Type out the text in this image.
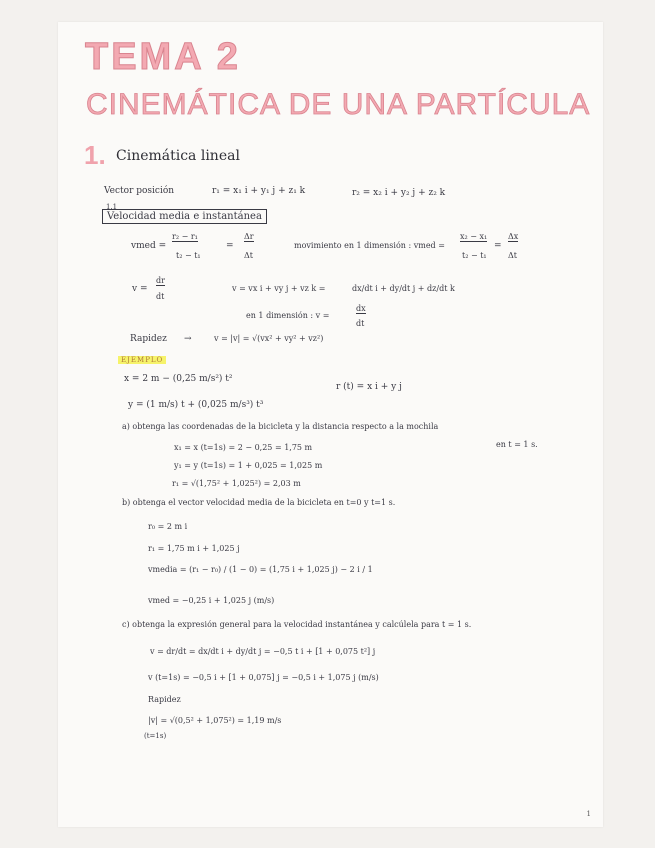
TEMA 2
CINEMÁTICA DE UNA PARTÍCULA
1. Cinemática lineal
1.1
Vector posición	r₁ = x₁ i + y₁ j + z₁ k	r₂ = x₂ i + y₂ j + z₂ k
Velocidad media e instantánea
vmed =
r₂ − r₁
t₂ − t₁
=
Δr
Δt
movimiento en 1 dimensión : vmed =
x₂ − x₁
t₂ − t₁
=
Δx
Δt
v =
dr
dt
v = vx i + vy j + vz k =	dx/dt i + dy/dt j + dz/dt k
en 1 dimensión : v =
dx
dt
Rapidez →	v = |v| = √(vx² + vy² + vz²)
EJEMPLO
x = 2 m − (0,25 m/s²) t²
r (t) = x i + y j
y = (1 m/s) t + (0,025 m/s³) t³
a) obtenga las coordenadas de la bicicleta y la distancia respecto a la mochila
en t = 1 s.
x₁ = x (t=1s) = 2 − 0,25 = 1,75 m
y₁ = y (t=1s) = 1 + 0,025 = 1,025 m
r₁ = √(1,75² + 1,025²) = 2,03 m
b) obtenga el vector velocidad media de la bicicleta en t=0 y t=1 s.
r₀ = 2 m i
r₁ = 1,75 m i + 1,025 j
vmedia = (r₁ − r₀) / (1 − 0) = (1,75 i + 1,025 j) − 2 i / 1
vmed = −0,25 i + 1,025 j (m/s)
c) obtenga la expresión general para la velocidad instantánea y calcúlela para t = 1 s.
v = dr/dt = dx/dt i + dy/dt j = −0,5 t i + [1 + 0,075 t²] j
v (t=1s) = −0,5 i + [1 + 0,075] j = −0,5 i + 1,075 j (m/s)
Rapidez
|v| = √(0,5² + 1,075²) = 1,19 m/s
(t=1s)
1
